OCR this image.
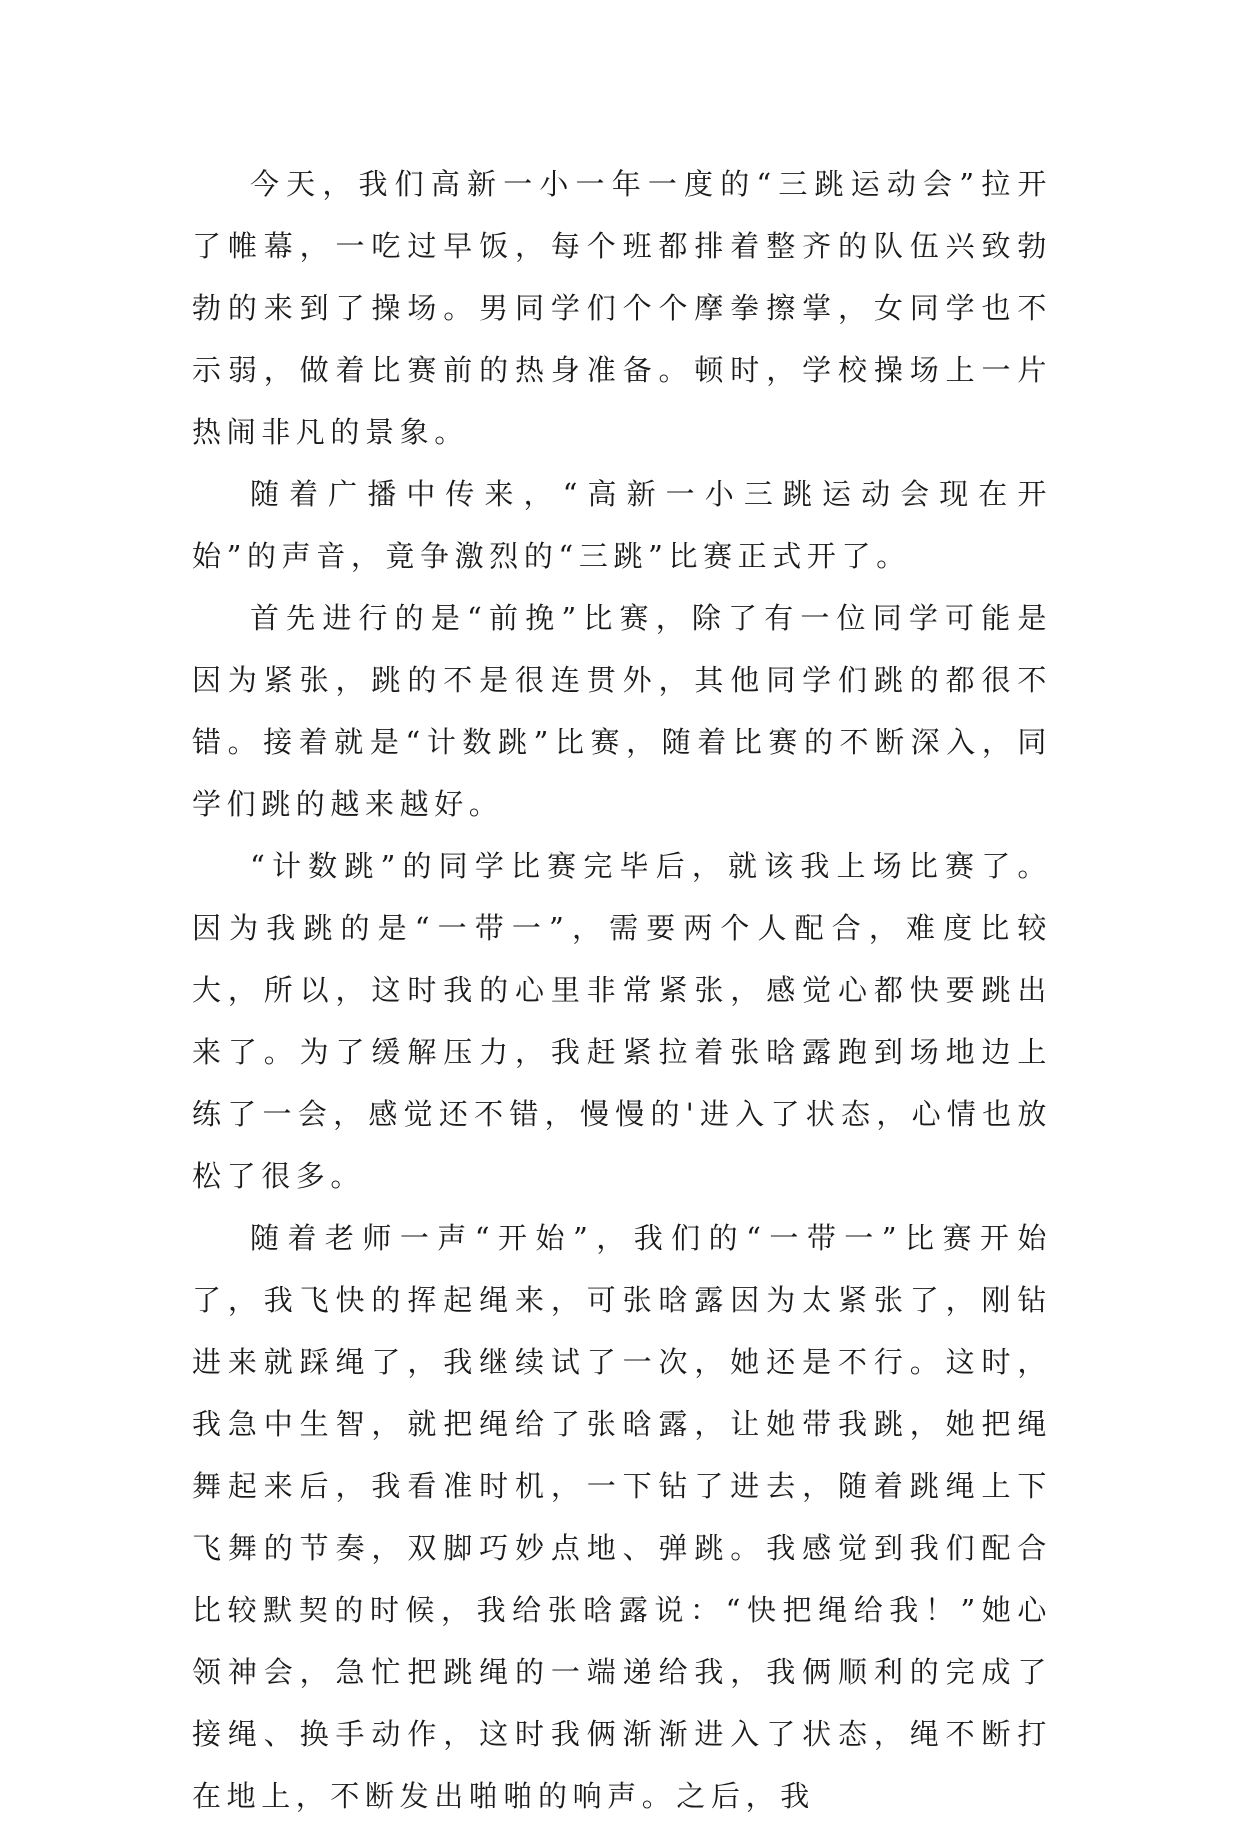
今天，我们高新一小一年一度的“三跳运动会”拉开了帷幕，一吃过早饭，每个班都排着整齐的队伍兴致勃勃的来到了操场。男同学们个个摩拳擦掌，女同学也不示弱，做着比赛前的热身准备。顿时，学校操场上一片热闹非凡的景象。

随着广播中传来，“高新一小三跳运动会现在开始”的声音，竟争激烈的“三跳”比赛正式开了。

首先进行的是“前挽”比赛，除了有一位同学可能是因为紧张，跳的不是很连贯外，其他同学们跳的都很不错。接着就是“计数跳”比赛，随着比赛的不断深入，同学们跳的越来越好。

“计数跳”的同学比赛完毕后，就该我上场比赛了。因为我跳的是“一带一”，需要两个人配合，难度比较大，所以，这时我的心里非常紧张，感觉心都快要跳出来了。为了缓解压力，我赶紧拉着张晗露跑到场地边上练了一会，感觉还不错，慢慢的'进入了状态，心情也放松了很多。

随着老师一声“开始”，我们的“一带一”比赛开始了，我飞快的挥起绳来，可张晗露因为太紧张了，刚钻进来就踩绳了，我继续试了一次，她还是不行。这时，我急中生智，就把绳给了张晗露，让她带我跳，她把绳舞起来后，我看准时机，一下钻了进去，随着跳绳上下飞舞的节奏，双脚巧妙点地、弹跳。我感觉到我们配合比较默契的时候，我给张晗露说：“快把绳给我！”她心领神会，急忙把跳绳的一端递给我，我俩顺利的完成了接绳、换手动作，这时我俩渐渐进入了状态，绳不断打在地上，不断发出啪啪的响声。之后，我
